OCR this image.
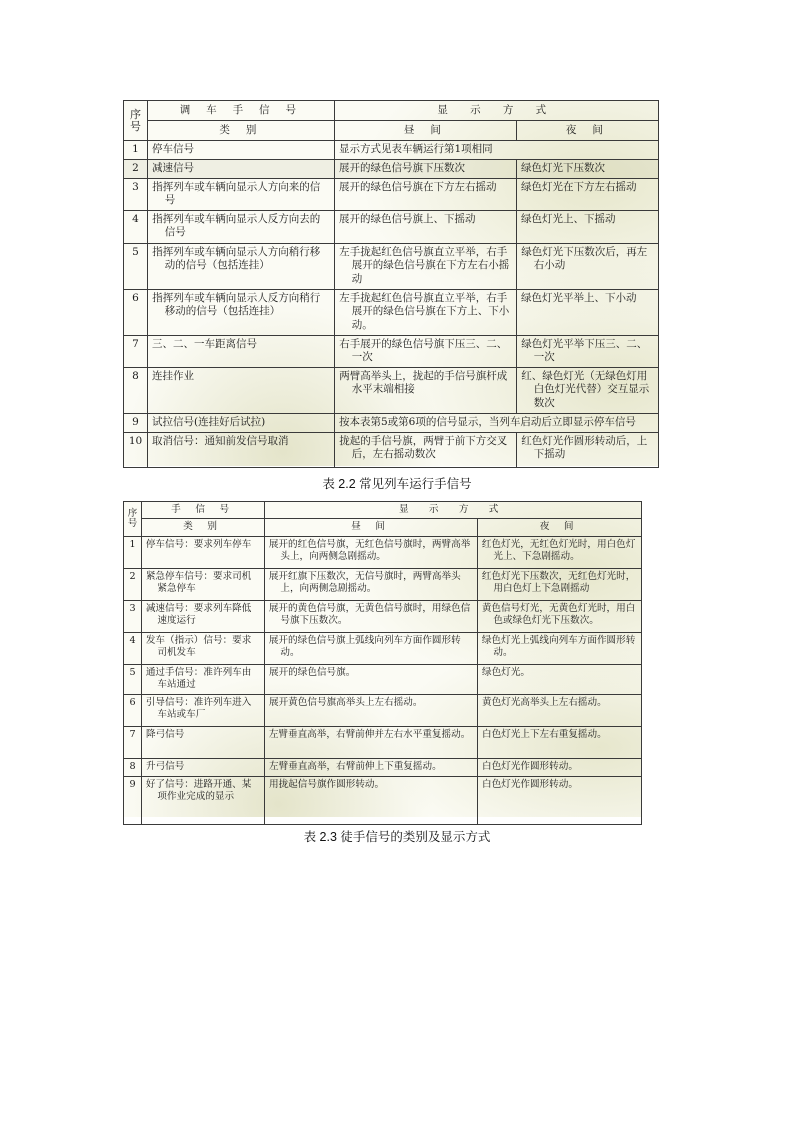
序号	调 车 手 信 号	显 示 方 式	
	类 别	昼 间	夜 间
1	停车信号	显示方式见表车辆运行第1项相同	
2	减速信号	展开的绿色信号旗下压数次	绿色灯光下压数次
3	指挥列车或车辆向显示人方向来的信号	展开的绿色信号旗在下方左右摇动	绿色灯光在下方左右摇动
4	指挥列车或车辆向显示人反方向去的信号	展开的绿色信号旗上、下摇动	绿色灯光上、下摇动
5	指挥列车或车辆向显示人方向稍行移动的信号（包括连挂）	左手拢起红色信号旗直立平举，右手展开的绿色信号旗在下方左右小摇动	绿色灯光下压数次后，再左右小动
6	指挥列车或车辆向显示人反方向稍行移动的信号（包括连挂）	左手拢起红色信号旗直立平举，右手展开的绿色信号旗在下方上、下小动。	绿色灯光平举上、下小动
7	三、二、一车距离信号	右手展开的绿色信号旗下压三、二、一次	绿色灯光平举下压三、二、一次
8	连挂作业	两臂高举头上，拢起的手信号旗杆成水平末端相接	红、绿色灯光（无绿色灯用白色灯光代替）交互显示数次
9	试拉信号(连挂好后试拉)	按本表第5或第6项的信号显示，当列车启动后立即显示停车信号	
10	取消信号：通知前发信号取消	拢起的手信号旗，两臂于前下方交叉后，左右摇动数次	红色灯光作圆形转动后，上下摇动
表 2.2 常见列车运行手信号
序号	手 信 号	显 示 方 式	
	类 别	昼 间	夜 间
1	停车信号：要求列车停车	展开的红色信号旗，无红色信号旗时，两臂高举头上，向两侧急剧摇动。	红色灯光，无红色灯光时，用白色灯光上、下急剧摇动。
2	紧急停车信号：要求司机紧急停车	展开红旗下压数次，无信号旗时，两臂高举头上，向两侧急剧摇动。	红色灯光下压数次，无红色灯光时，用白色灯上下急剧摇动
3	减速信号：要求列车降低速度运行	展开的黄色信号旗，无黄色信号旗时，用绿色信号旗下压数次。	黄色信号灯光，无黄色灯光时，用白色或绿色灯光下压数次。
4	发车（指示）信号：要求司机发车	展开的绿色信号旗上弧线向列车方面作圆形转动。	绿色灯光上弧线向列车方面作圆形转动。
5	通过手信号：准许列车由车站通过	展开的绿色信号旗。	绿色灯光。
6	引导信号：准许列车进入车站或车厂	展开黄色信号旗高举头上左右摇动。	黄色灯光高举头上左右摇动。
7	降弓信号	左臂垂直高举，右臂前伸并左右水平重复摇动。	白色灯光上下左右重复摇动。
8	升弓信号	左臂垂直高举，右臂前伸上下重复摇动。	白色灯光作圆形转动。
9	好了信号：进路开通、某项作业完成的显示	用拢起信号旗作圆形转动。	白色灯光作圆形转动。
表 2.3 徒手信号的类别及显示方式
